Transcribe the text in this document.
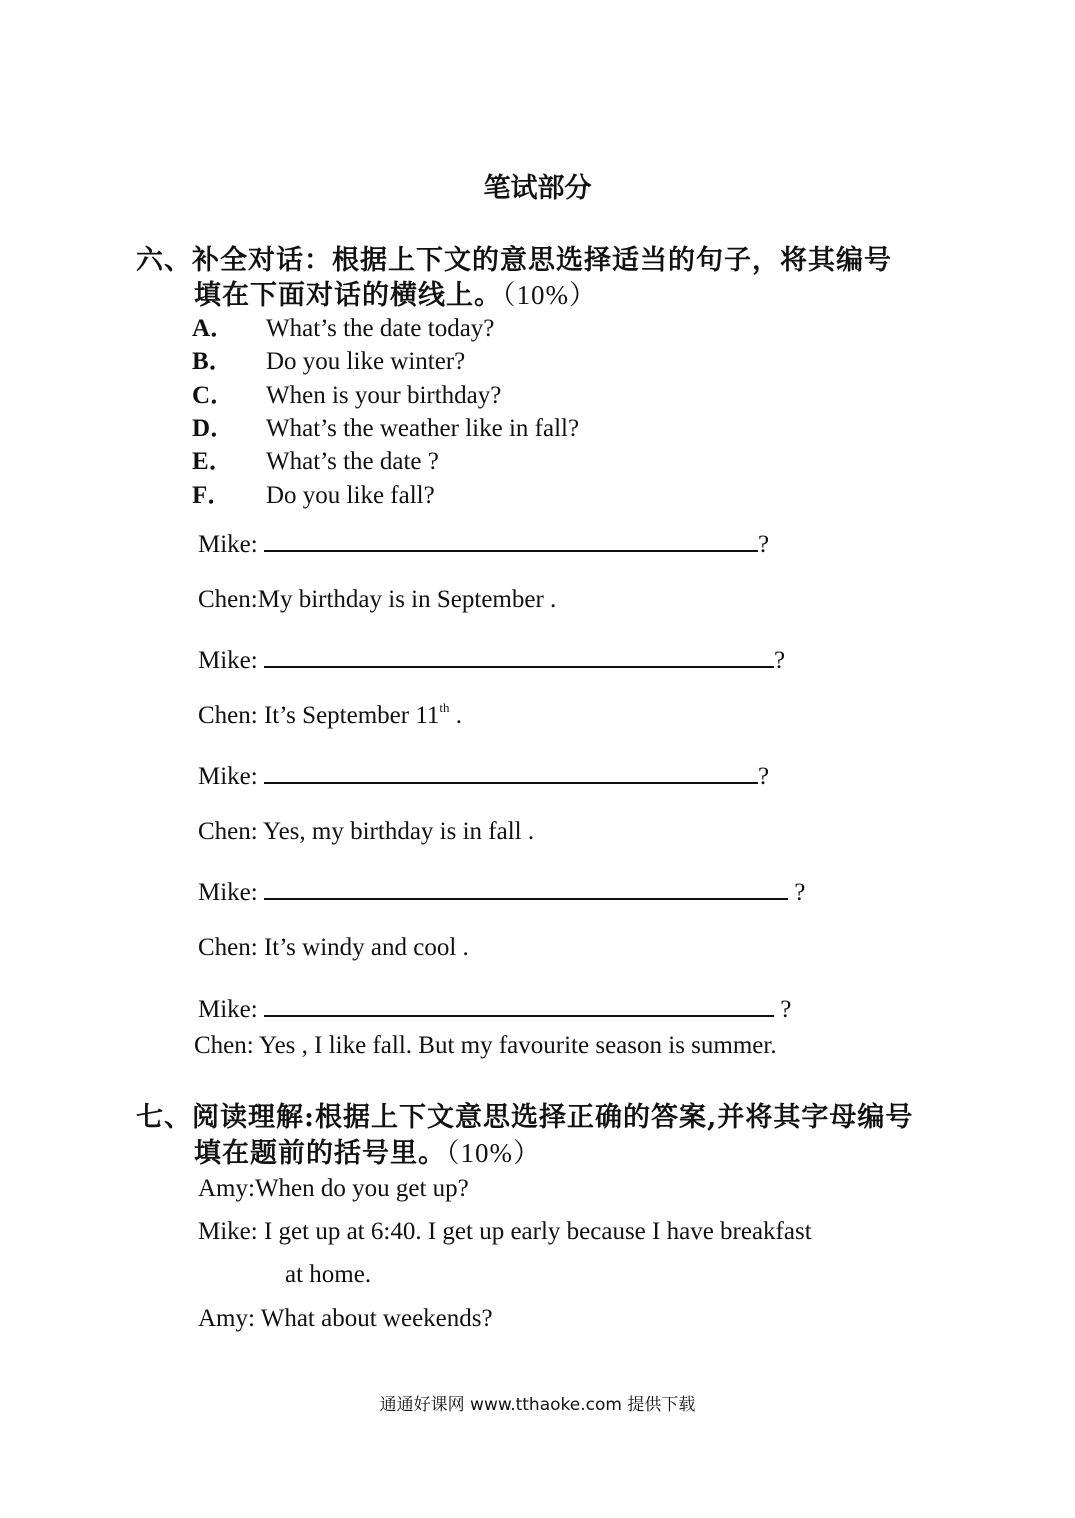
笔试部分
六、补全对话：根据上下文的意思选择适当的句子，将其编号
填在下面对话的横线上。（10%）
A． What’s the date today?
B． Do you like winter?
C． When is your birthday?
D． What’s the weather like in fall?
E． What’s the date ?
F． Do you like fall?
Mike:	?
Chen:My birthday is in September .
Mike:	?
Chen: It’s September 11th .
Mike:	?
Chen: Yes, my birthday is in fall .
Mike:	?
Chen: It’s windy and cool .
Mike:	?
Chen: Yes , I like fall. But my favourite season is summer.
七、阅读理解:根据上下文意思选择正确的答案,并将其字母编号
填在题前的括号里。（10%）
Amy:When do you get up?
Mike: I get up at 6:40. I get up early because I have breakfast
at home.
Amy: What about weekends?
通通好课网 www.tthaoke.com 提供下载
